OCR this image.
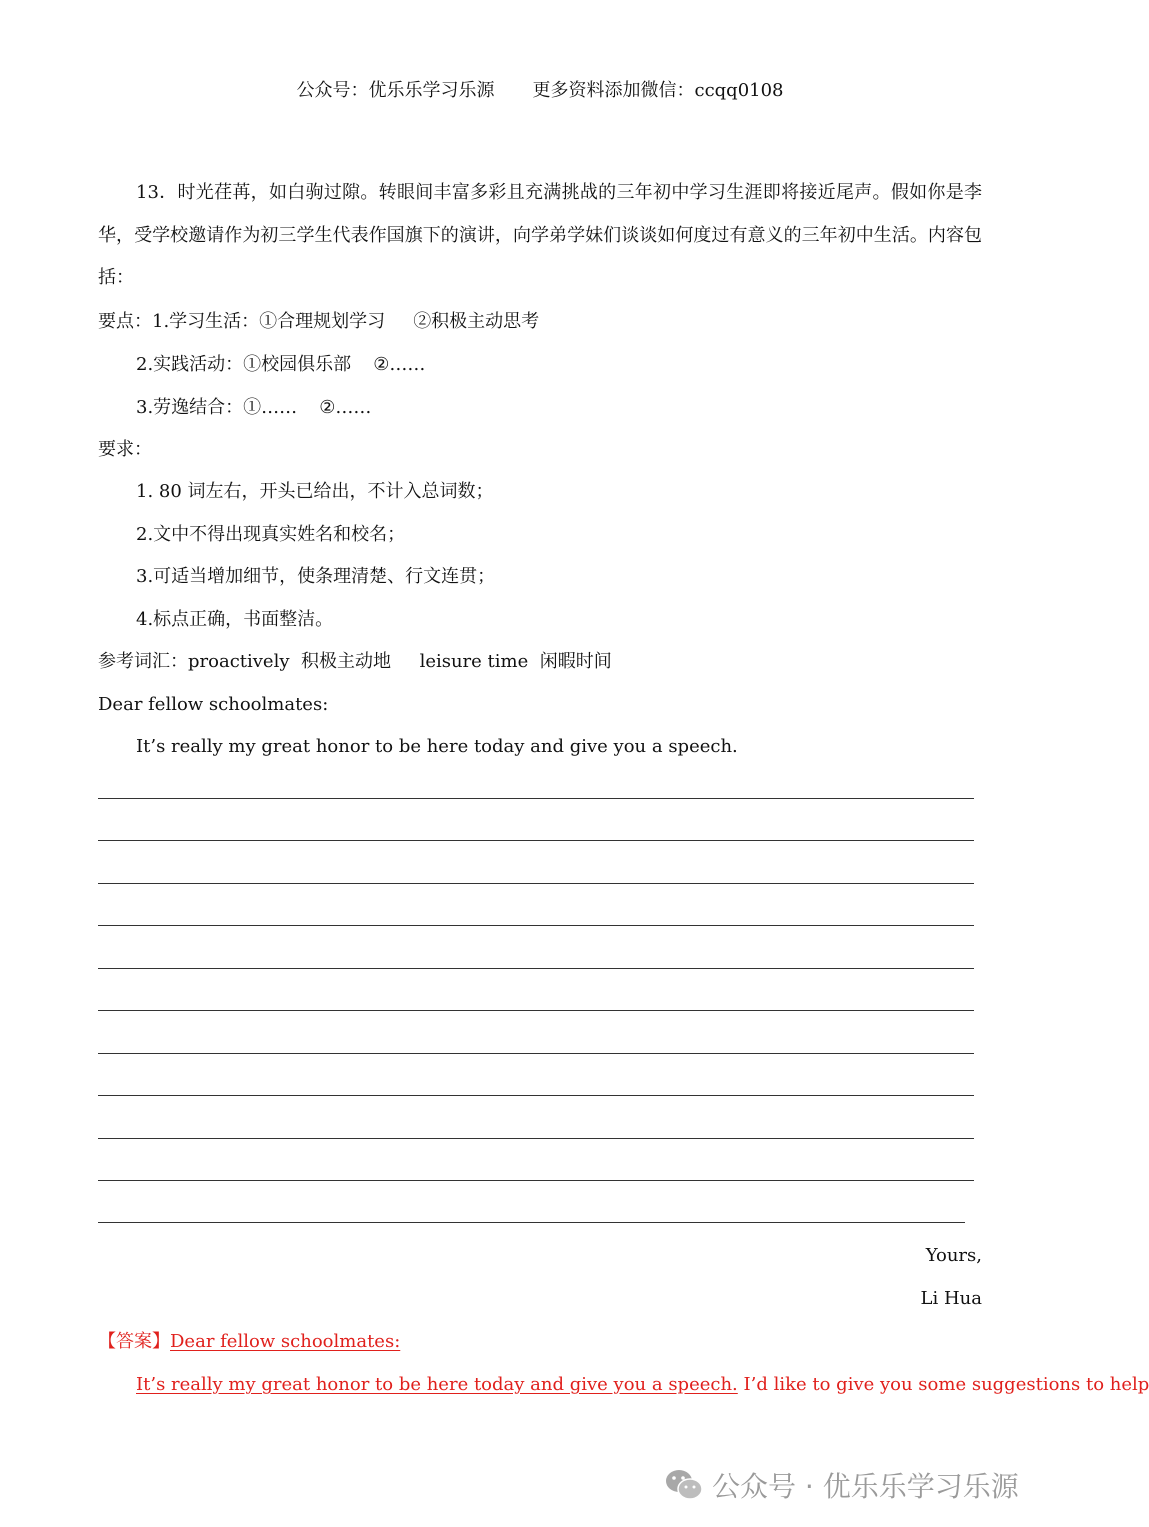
公众号：优乐乐学习乐源 更多资料添加微信：ccqq0108
13．时光荏苒，如白驹过隙。转眼间丰富多彩且充满挑战的三年初中学习生涯即将接近尾声。假如你是李华，受学校邀请作为初三学生代表作国旗下的演讲，向学弟学妹们谈谈如何度过有意义的三年初中生活。内容包括：
要点：1.学习生活：①合理规划学习 ②积极主动思考
2.实践活动：①校园俱乐部 ②……
3.劳逸结合：①…… ②……
要求：
1. 80 词左右，开头已给出，不计入总词数；
2.文中不得出现真实姓名和校名；
3.可适当增加细节，使条理清楚、行文连贯；
4.标点正确，书面整洁。
参考词汇：proactively  积极主动地     leisure time  闲暇时间
Dear fellow schoolmates:
It’s really my great honor to be here today and give you a speech.
Yours,
Li Hua
【答案】Dear fellow schoolmates:
It’s really my great honor to be here today and give you a speech. I’d like to give you some suggestions to help
公众号 · 优乐乐学习乐源
